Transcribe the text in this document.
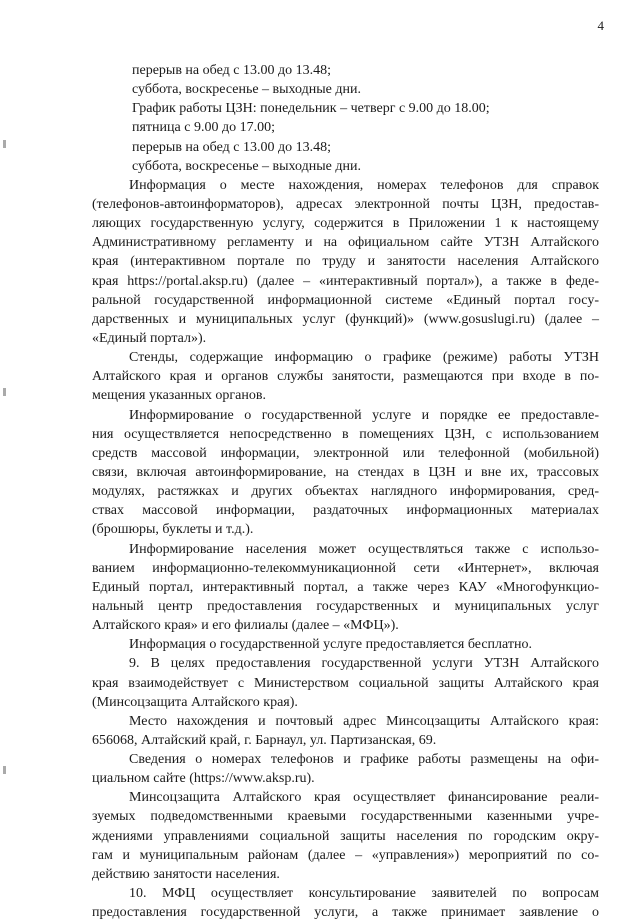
4
перерыв на обед с 13.00 до 13.48;
суббота, воскресенье – выходные дни.
График работы ЦЗН: понедельник – четверг с 9.00 до 18.00;
пятница с 9.00 до 17.00;
перерыв на обед с 13.00 до 13.48;
суббота, воскресенье – выходные дни.
Информация о месте нахождения, номерах телефонов для справок
(телефонов-автоинформаторов), адресах электронной почты ЦЗН, предостав-
ляющих государственную услугу, содержится в Приложении 1 к настоящему
Административному регламенту и на официальном сайте УТЗН Алтайского
края (интерактивном портале по труду и занятости населения Алтайского
края https://portal.aksp.ru) (далее – «интерактивный портал»), а также в феде-
ральной государственной информационной системе «Единый портал госу-
дарственных и муниципальных услуг (функций)» (www.gosuslugi.ru) (далее –
«Единый портал»).
Стенды, содержащие информацию о графике (режиме) работы УТЗН
Алтайского края и органов службы занятости, размещаются при входе в по-
мещения указанных органов.
Информирование о государственной услуге и порядке ее предоставле-
ния осуществляется непосредственно в помещениях ЦЗН, с использованием
средств массовой информации, электронной или телефонной (мобильной)
связи, включая автоинформирование, на стендах в ЦЗН и вне их, трассовых
модулях, растяжках и других объектах наглядного информирования, сред-
ствах массовой информации, раздаточных информационных материалах
(брошюры, буклеты и т.д.).
Информирование населения может осуществляться также с использо-
ванием информационно-телекоммуникационной сети «Интернет», включая
Единый портал, интерактивный портал, а также через КАУ «Многофункцио-
нальный центр предоставления государственных и муниципальных услуг
Алтайского края» и его филиалы (далее – «МФЦ»).
Информация о государственной услуге предоставляется бесплатно.
9. В целях предоставления государственной услуги УТЗН Алтайского
края взаимодействует с Министерством социальной защиты Алтайского края
(Минсоцзащита Алтайского края).
Место нахождения и почтовый адрес Минсоцзащиты Алтайского края:
656068, Алтайский край, г. Барнаул, ул. Партизанская, 69.
Сведения о номерах телефонов и графике работы размещены на офи-
циальном сайте (https://www.aksp.ru).
Минсоцзащита Алтайского края осуществляет финансирование реали-
зуемых подведомственными краевыми государственными казенными учре-
ждениями управлениями социальной защиты населения по городским окру-
гам и муниципальным районам (далее – «управления») мероприятий по со-
действию занятости населения.
10. МФЦ осуществляет консультирование заявителей по вопросам
предоставления государственной услуги, а также принимает заявление о
